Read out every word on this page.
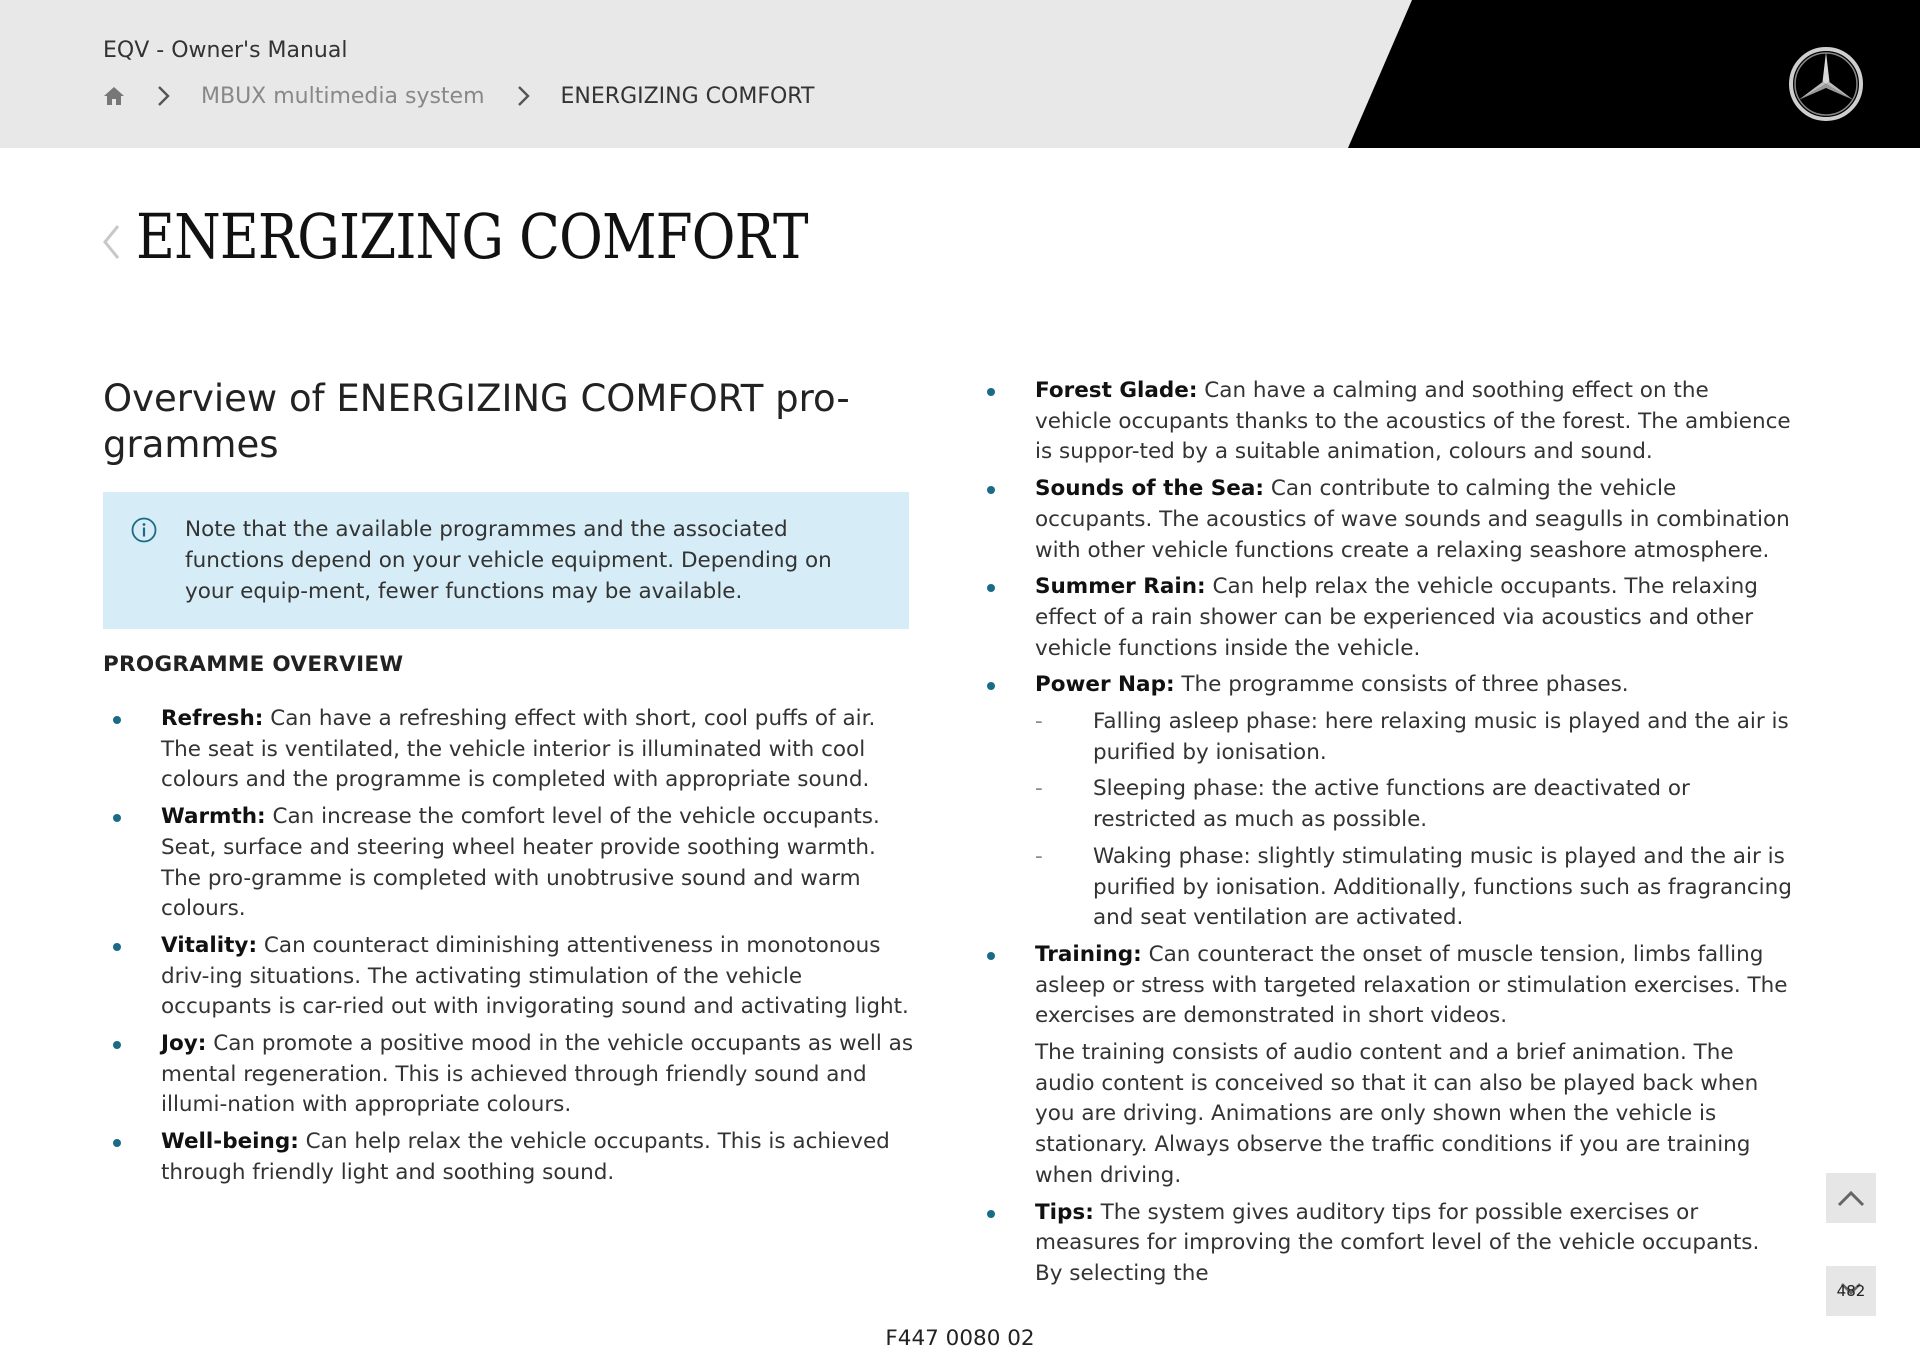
EQV - Owner's Manual
MBUX multimedia system	ENERGIZING COMFORT
ENERGIZING COMFORT
Overview of ENERGIZING COMFORT pro-
grammes
Note that the available programmes and the associated functions depend on your vehicle equipment. Depending on your equip-ment, fewer functions may be available.
PROGRAMME OVERVIEW
Refresh: Can have a refreshing effect with short, cool puffs of air. The seat is ventilated, the vehicle interior is illuminated with cool colours and the programme is completed with appropriate sound.
Warmth: Can increase the comfort level of the vehicle occupants. Seat, surface and steering wheel heater provide soothing warmth. The pro-gramme is completed with unobtrusive sound and warm colours.
Vitality: Can counteract diminishing attentiveness in monotonous driv-ing situations. The activating stimulation of the vehicle occupants is car-ried out with invigorating sound and activating light.
Joy: Can promote a positive mood in the vehicle occupants as well as mental regeneration. This is achieved through friendly sound and illumi-nation with appropriate colours.
Well-being: Can help relax the vehicle occupants. This is achieved through friendly light and soothing sound.
Forest Glade: Can have a calming and soothing effect on the vehicle occupants thanks to the acoustics of the forest. The ambience is suppor-ted by a suitable animation, colours and sound.
Sounds of the Sea: Can contribute to calming the vehicle occupants. The acoustics of wave sounds and seagulls in combination with other vehicle functions create a relaxing seashore atmosphere.
Summer Rain: Can help relax the vehicle occupants. The relaxing effect of a rain shower can be experienced via acoustics and other vehicle functions inside the vehicle.
Power Nap: The programme consists of three phases.
- Falling asleep phase: here relaxing music is played and the air is purified by ionisation.
- Sleeping phase: the active functions are deactivated or restricted as much as possible.
- Waking phase: slightly stimulating music is played and the air is purified by ionisation. Additionally, functions such as fragrancing and seat ventilation are activated.
Training: Can counteract the onset of muscle tension, limbs falling asleep or stress with targeted relaxation or stimulation exercises. The exercises are demonstrated in short videos.
The training consists of audio content and a brief animation. The audio content is conceived so that it can also be played back when you are driving. Animations are only shown when the vehicle is stationary. Always observe the traffic conditions if you are training when driving.
Tips: The system gives auditory tips for possible exercises or measures for improving the comfort level of the vehicle occupants. By selecting the
482
F447 0080 02
